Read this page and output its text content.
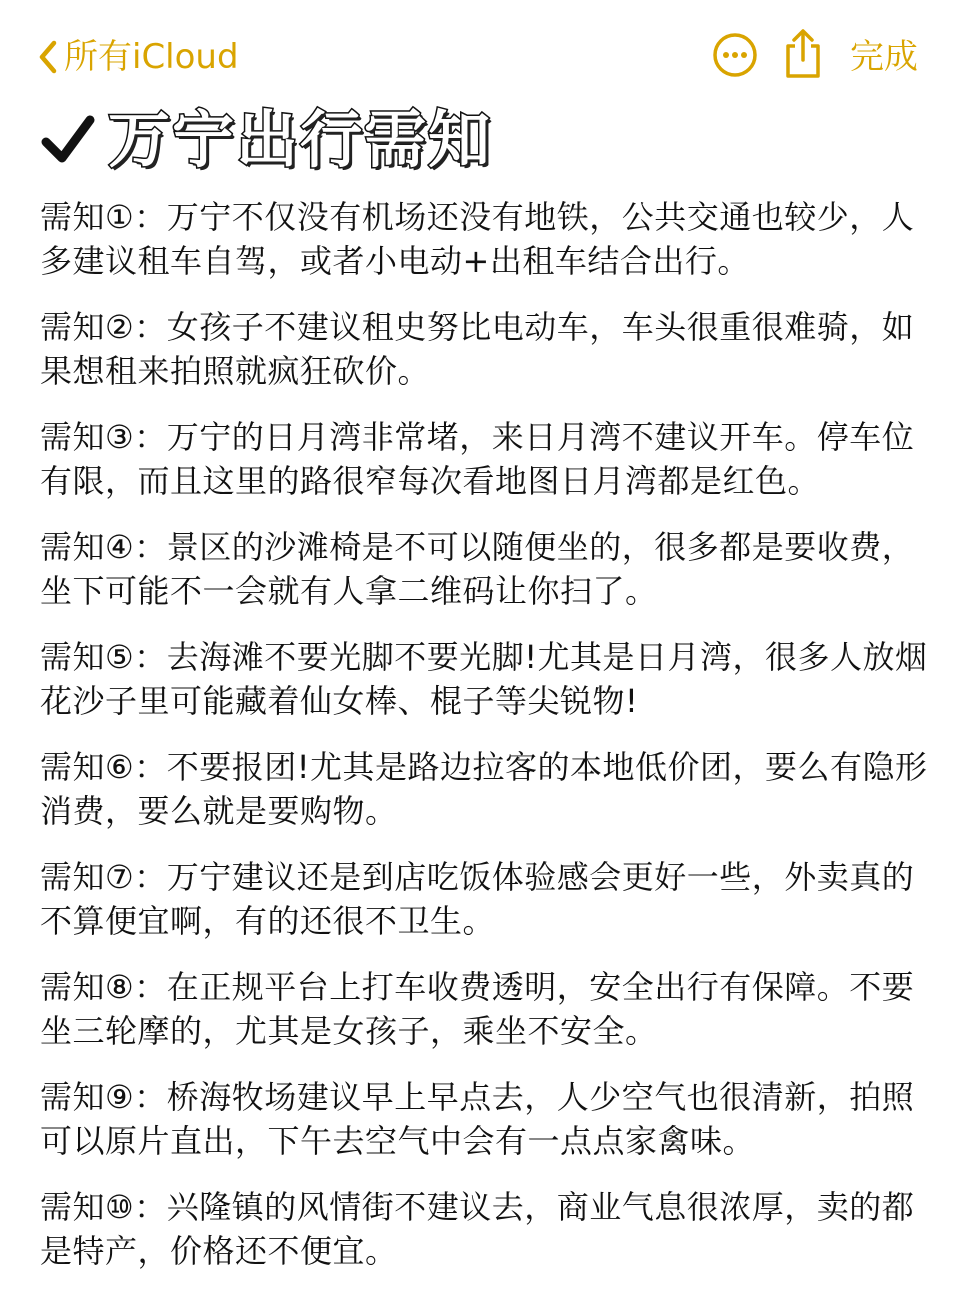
所有iCloud	完成
万宁出行需知

需知①：万宁不仅没有机场还没有地铁，公共交通也较少，人多建议租车自驾，或者小电动+出租车结合出行。

需知②：女孩子不建议租史努比电动车，车头很重很难骑，如果想租来拍照就疯狂砍价。

需知③：万宁的日月湾非常堵，来日月湾不建议开车。停车位有限，而且这里的路很窄每次看地图日月湾都是红色。

需知④：景区的沙滩椅是不可以随便坐的，很多都是要收费，坐下可能不一会就有人拿二维码让你扫了。

需知⑤：去海滩不要光脚不要光脚!尤其是日月湾，很多人放烟花沙子里可能藏着仙女棒、棍子等尖锐物!

需知⑥：不要报团!尤其是路边拉客的本地低价团，要么有隐形消费，要么就是要购物。

需知⑦：万宁建议还是到店吃饭体验感会更好一些，外卖真的不算便宜啊，有的还很不卫生。

需知⑧：在正规平台上打车收费透明，安全出行有保障。不要坐三轮摩的，尤其是女孩子，乘坐不安全。

需知⑨：桥海牧场建议早上早点去，人少空气也很清新，拍照可以原片直出，下午去空气中会有一点点家禽味。

需知⑩：兴隆镇的风情街不建议去，商业气息很浓厚，卖的都是特产，价格还不便宜。
